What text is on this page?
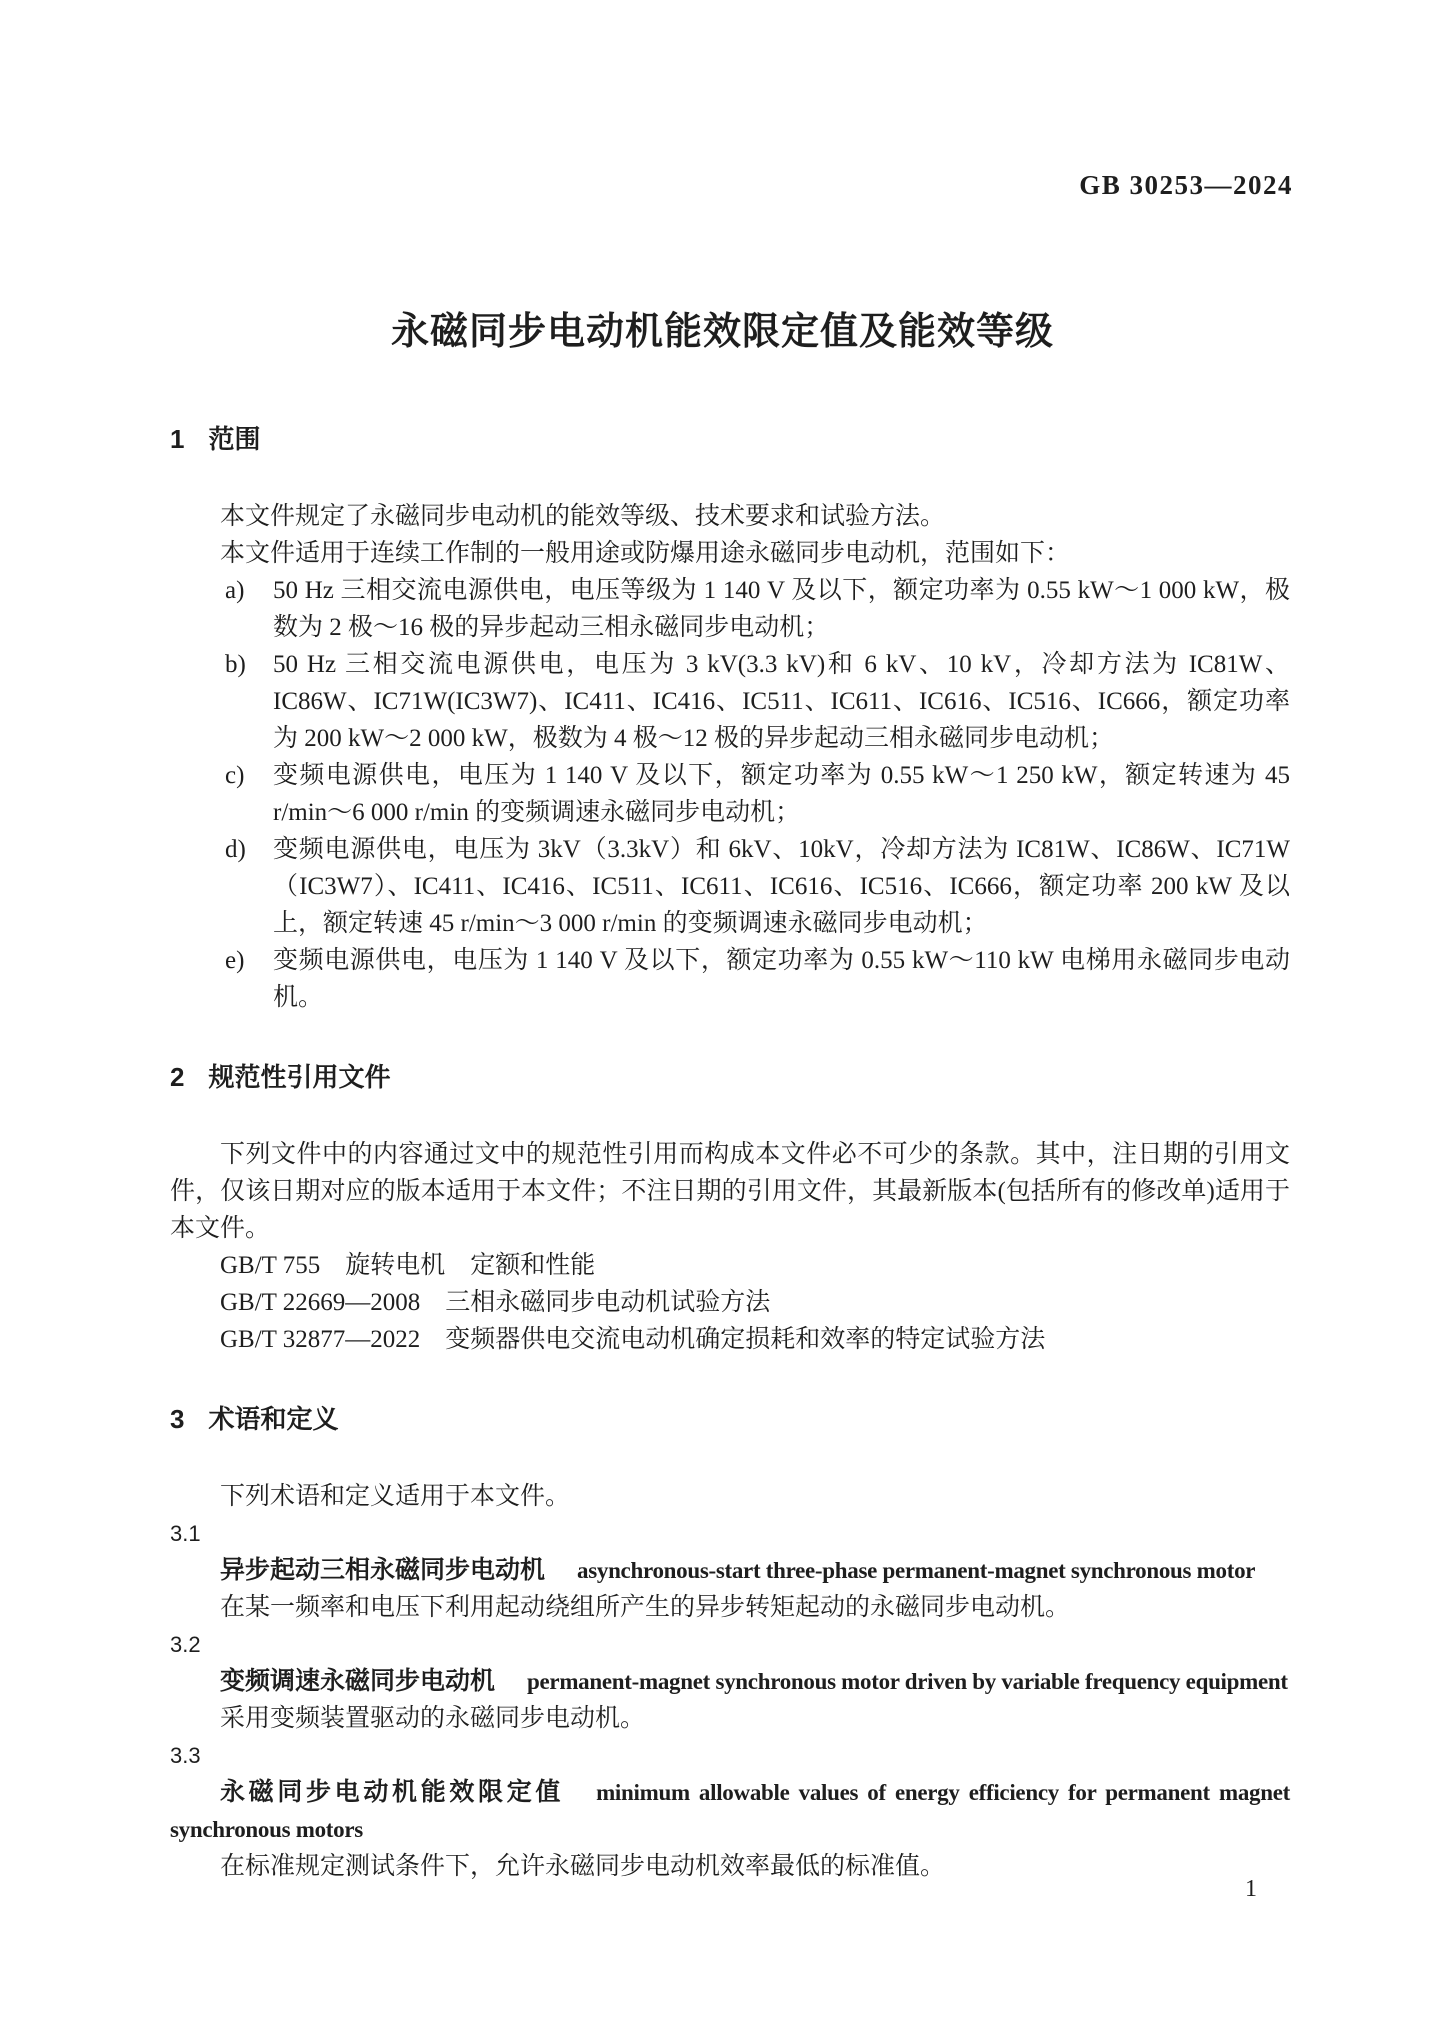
GB 30253—2024
永磁同步电动机能效限定值及能效等级
1 范围

本文件规定了永磁同步电动机的能效等级、技术要求和试验方法。

本文件适用于连续工作制的一般用途或防爆用途永磁同步电动机，范围如下：

a)	50 Hz 三相交流电源供电，电压等级为 1 140 V 及以下，额定功率为 0.55 kW～1 000 kW，极数为 2 极～16 极的异步起动三相永磁同步电动机；
b)	50 Hz 三相交流电源供电，电压为 3 kV(3.3 kV)和 6 kV、10 kV，冷却方法为 IC81W、IC86W、IC71W(IC3W7)、IC411、IC416、IC511、IC611、IC616、IC516、IC666，额定功率为 200 kW～2 000 kW，极数为 4 极～12 极的异步起动三相永磁同步电动机；
c)	变频电源供电，电压为 1 140 V 及以下，额定功率为 0.55 kW～1 250 kW，额定转速为 45 r/min～6 000 r/min 的变频调速永磁同步电动机；
d)	变频电源供电，电压为 3kV（3.3kV）和 6kV、10kV，冷却方法为 IC81W、IC86W、IC71W（IC3W7）、IC411、IC416、IC511、IC611、IC616、IC516、IC666，额定功率 200 kW 及以上，额定转速 45 r/min～3 000 r/min 的变频调速永磁同步电动机；
e)	变频电源供电，电压为 1 140 V 及以下，额定功率为 0.55 kW～110 kW 电梯用永磁同步电动机。
2 规范性引用文件

下列文件中的内容通过文中的规范性引用而构成本文件必不可少的条款。其中，注日期的引用文件，仅该日期对应的版本适用于本文件；不注日期的引用文件，其最新版本(包括所有的修改单)适用于本文件。

GB/T 755　旋转电机　定额和性能

GB/T 22669—2008　三相永磁同步电动机试验方法

GB/T 32877—2022　变频器供电交流电动机确定损耗和效率的特定试验方法

3 术语和定义

下列术语和定义适用于本文件。

3.1

异步起动三相永磁同步电动机 asynchronous-start three-phase permanent-magnet synchronous motor

在某一频率和电压下利用起动绕组所产生的异步转矩起动的永磁同步电动机。

3.2

变频调速永磁同步电动机 permanent-magnet synchronous motor driven by variable frequency equipment

采用变频装置驱动的永磁同步电动机。

3.3

永磁同步电动机能效限定值 minimum allowable values of energy efficiency for permanent magnet synchronous motors

在标准规定测试条件下，允许永磁同步电动机效率最低的标准值。

1
